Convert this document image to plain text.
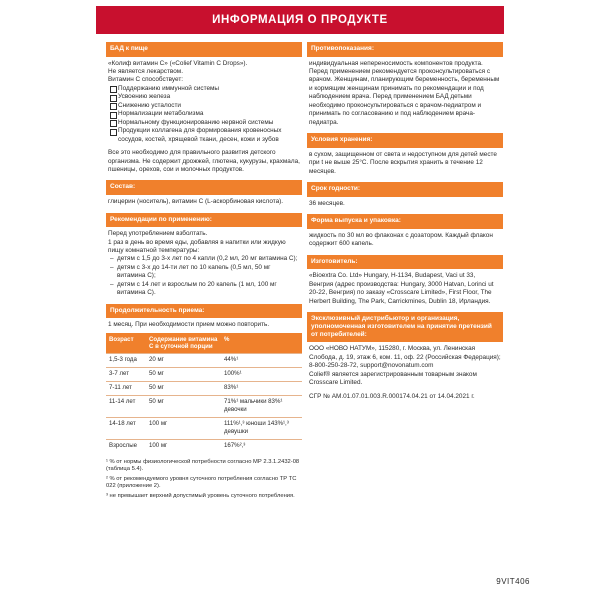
ИНФОРМАЦИЯ О ПРОДУКТЕ
БАД к пище

«Колиф витамин С» («Colief Vitamin C Drops»).

Не является лекарством.

Витамин С способствует:

Поддержанию иммунной системы
Усвоению железа
Снижению усталости
Нормализации метаболизма
Нормальному функционированию нервной системы
Продукции коллагена для формирования кровеносных сосудов, костей, хрящевой ткани, десен, кожи и зубов

Все это необходимо для правильного развития детского организма. Не содержит дрожжей, глютена, кукурузы, крахмала, пшеницы, орехов, сои и молочных продуктов.

Состав:

глицерин (носитель), витамин С (L-аскорбиновая кислота).

Рекомендации по применению:

Перед употреблением взболтать.

1 раз в день во время еды, добавляя в напитки или жидкую пищу комнатной температуры:

– детям с 1,5 до 3-х лет по 4 капли (0,2 мл, 20 мг витамина С);
– детям с 3-х до 14-ти лет по 10 капель (0,5 мл, 50 мг витамина С);
– детям с 14 лет и взрослым по 20 капель (1 мл, 100 мг витамина С).
Продолжительность приема:

1 месяц. При необходимости прием можно повторить.

Возраст	Содержание витамина С в суточной порции	%
1,5-3 года	20 мг	44%¹
3-7 лет	50 мг	100%¹
7-11 лет	50 мг	83%¹
11-14 лет	50 мг	71%¹ мальчики 83%¹ девочки
14-18 лет	100 мг	111%¹,³ юноши 143%¹,³ девушки
Взрослые	100 мг	167%²,³

¹ % от нормы физиологической потребности согласно МР 2.3.1.2432-08 (таблица 5.4).

² % от рекомендуемого уровня суточного потребления согласно ТР ТС 022 (приложение 2).

³ не превышает верхний допустимый уровень суточного потребления.

Противопоказания:

индивидуальная непереносимость компонентов продукта. Перед применением рекомендуется проконсультироваться с врачом. Женщинам, планирующим беременность, беременным и кормящим женщинам принимать по рекомендации и под наблюдением врача. Перед применением БАД детьми необходимо проконсультироваться с врачом-педиатром и принимать по согласованию и под наблюдением врача-педиатра.

Условия хранения:

в сухом, защищенном от света и недоступном для детей месте при t не выше 25°С. После вскрытия хранить в течение 12 месяцев.

Срок годности:

36 месяцев.

Форма выпуска и упаковка:

жидкость по 30 мл во флаконах с дозатором. Каждый флакон содержит 600 капель.

Изготовитель:

«Bioextra Co. Ltd» Hungary, H-1134, Budapest, Vaci ut 33, Венгрия (адрес производства: Hungary, 3000 Hatvan, Lorinci ut 20-22, Венгрия) по заказу «Crosscare Limited», First Floor, The Herbert Building, The Park, Carrickmines, Dublin 18, Ирландия.

Эксклюзивный дистрибьютор и организация, уполномоченная изготовителем на принятие претензий от потребителей:

ООО «НОВО НАТУМ», 115280, г. Москва, ул. Ленинская Слобода, д. 19, этаж 6, ком. 11, оф. 22 (Российская Федерация); 8-800-250-28-72, support@novonatum.com

Colief® является зарегистрированным товарным знаком Crosscare Limited.

СГР № AM.01.07.01.003.R.000174.04.21 от 14.04.2021 г.

9VIT406
